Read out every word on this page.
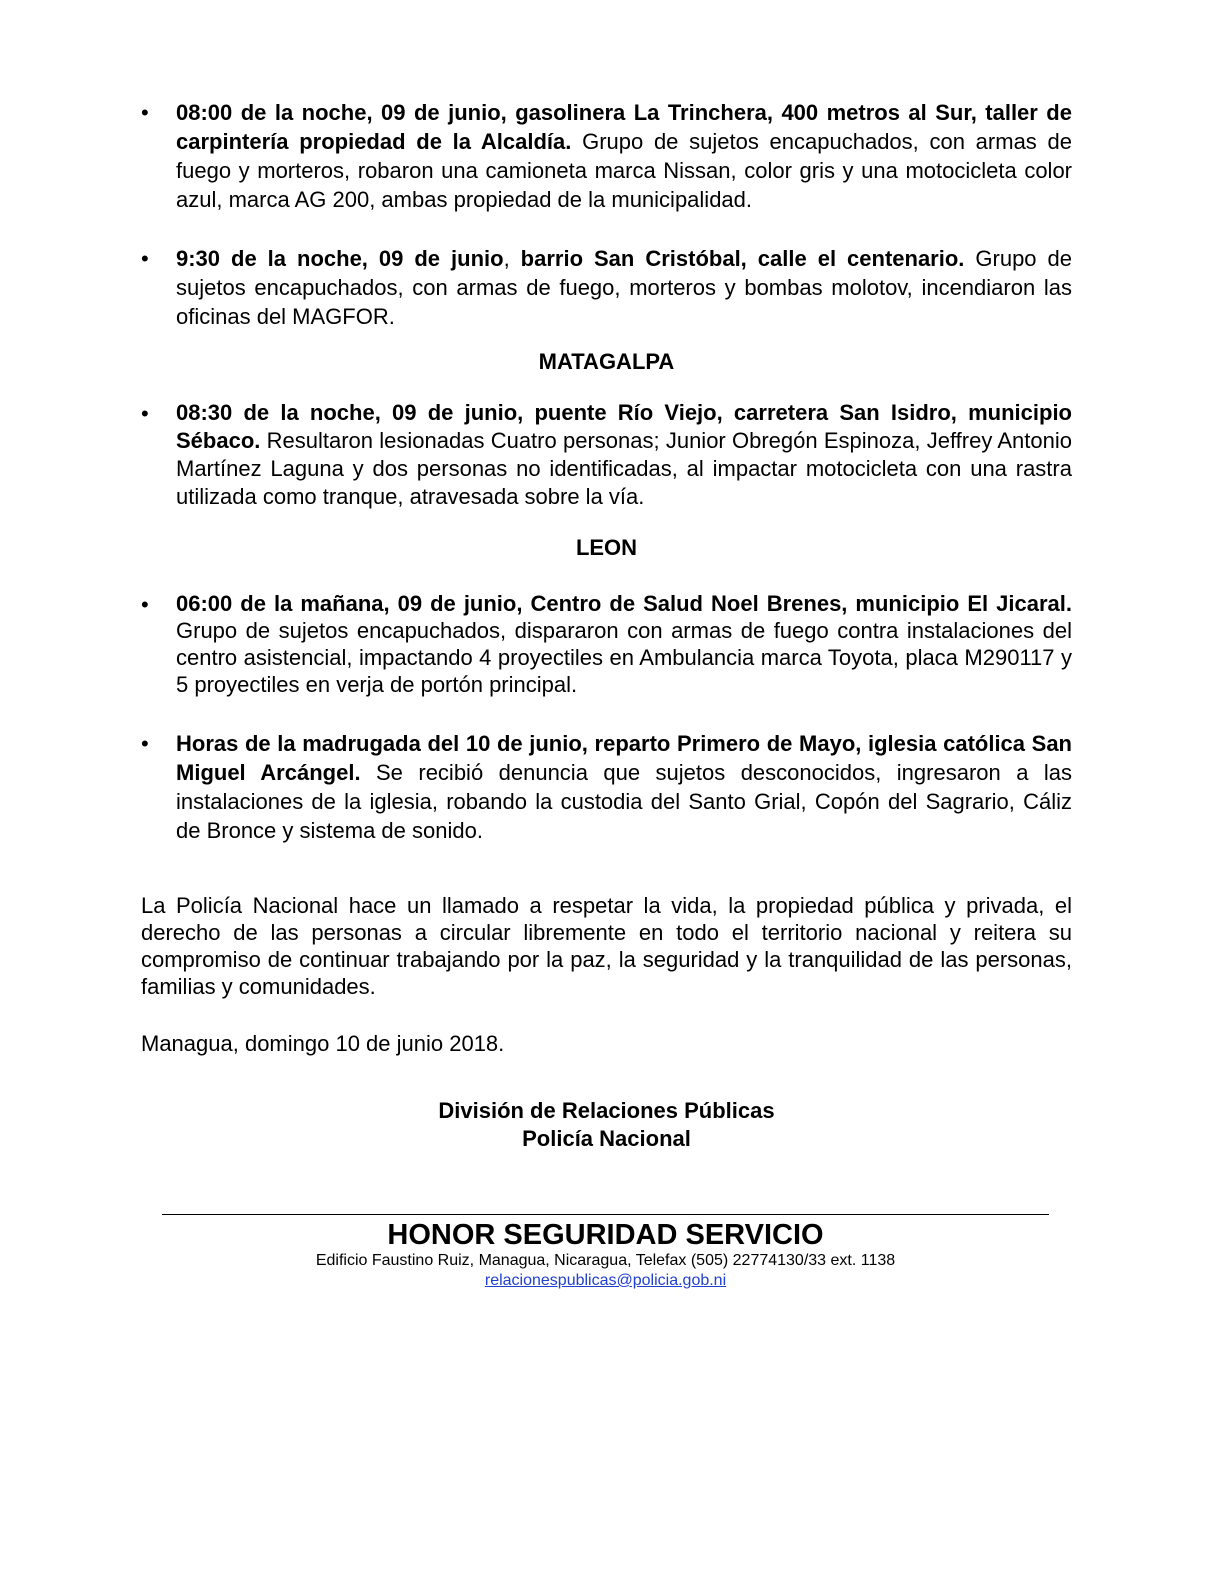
•
08:00 de la noche, 09 de junio, gasolinera La Trinchera, 400 metros al Sur, taller de carpintería propiedad de la Alcaldía. Grupo de sujetos encapuchados, con armas de fuego y morteros, robaron una camioneta marca Nissan, color gris y una motocicleta color azul, marca AG 200, ambas propiedad de la municipalidad.
•
9:30 de la noche, 09 de junio, barrio San Cristóbal, calle el centenario. Grupo de sujetos encapuchados, con armas de fuego, morteros y bombas molotov, incendiaron las oficinas del MAGFOR.
MATAGALPA
•
08:30 de la noche, 09 de junio, puente Río Viejo, carretera San Isidro, municipio Sébaco. Resultaron lesionadas Cuatro personas; Junior Obregón Espinoza, Jeffrey Antonio Martínez Laguna y dos personas no identificadas, al impactar motocicleta con una rastra utilizada como tranque, atravesada sobre la vía.
LEON
•
06:00 de la mañana, 09 de junio, Centro de Salud Noel Brenes, municipio El Jicaral. Grupo de sujetos encapuchados, dispararon con armas de fuego contra instalaciones del centro asistencial, impactando 4 proyectiles en Ambulancia marca Toyota, placa M290117 y 5 proyectiles en verja de portón principal.
•
Horas de la madrugada del 10 de junio, reparto Primero de Mayo, iglesia católica San Miguel Arcángel. Se recibió denuncia que sujetos desconocidos, ingresaron a las instalaciones de la iglesia, robando la custodia del Santo Grial, Copón del Sagrario, Cáliz de Bronce y sistema de sonido.
La Policía Nacional hace un llamado a respetar la vida, la propiedad pública y privada, el derecho de las personas a circular libremente en todo el territorio nacional y reitera su compromiso de continuar trabajando por la paz, la seguridad y la tranquilidad de las personas, familias y comunidades.
Managua, domingo 10 de junio 2018.
División de Relaciones Públicas
Policía Nacional
HONOR SEGURIDAD SERVICIO
Edificio Faustino Ruiz, Managua, Nicaragua, Telefax (505) 22774130/33 ext. 1138
relacionespublicas@policia.gob.ni
